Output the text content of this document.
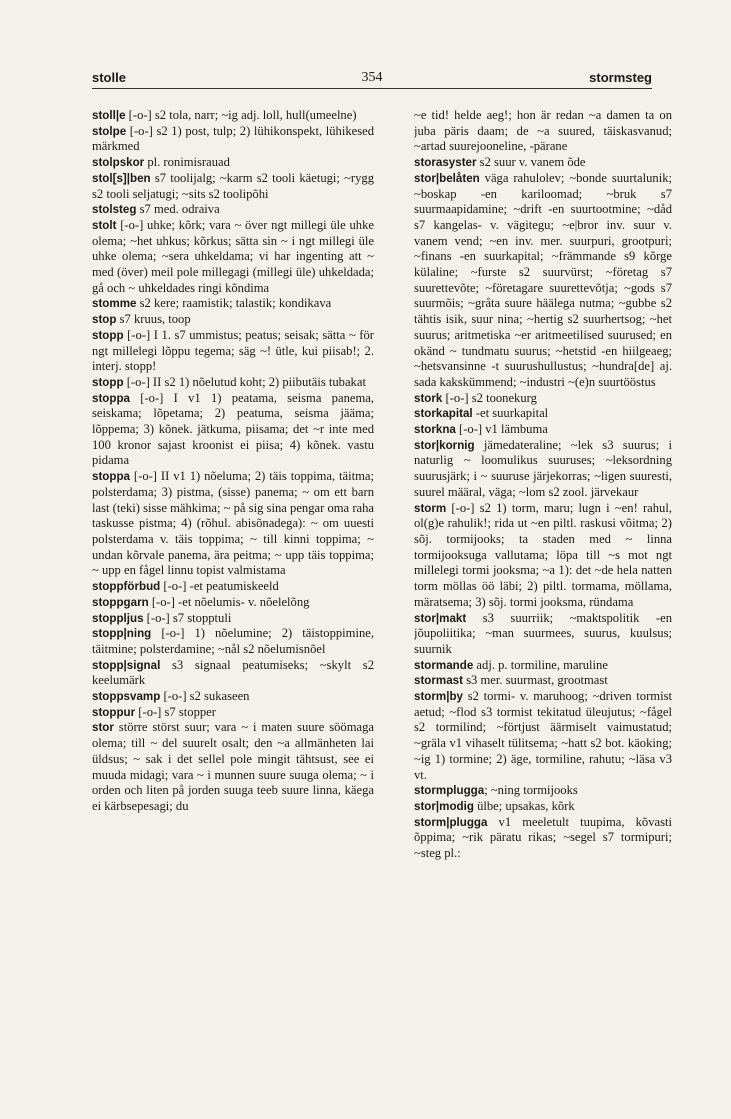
stolle	354	stormsteg
stoll|e [-o-] s2 tola, narr; ~ig adj. loll, hull(umeelne)
stolpe [-o-] s2 1) post, tulp; 2) lühikonspekt, lühikesed märkmed
stolpskor pl. ronimisrauad
stol[s]|ben s7 toolijalg; ~karm s2 tooli käetugi; ~rygg s2 tooli seljatugi; ~sits s2 toolipõhi
stolsteg s7 med. odraiva
stolt [-o-] uhke; kõrk; vara ~ över ngt millegi üle uhke olema; ~het uhkus; kõrkus; sätta sin ~ i ngt millegi üle uhke olema; ~sera uhkeldama; vi har ingenting att ~ med (över) meil pole millegagi (millegi üle) uhkeldada; gå och ~ uhkeldades ringi kõndima
stomme s2 kere; raamistik; talastik; kondikava
stop s7 kruus, toop
stopp [-o-] I 1. s7 ummistus; peatus; seisak; sätta ~ för ngt millelegi lõppu tegema; säg ~! ütle, kui piisab!; 2. interj. stopp!
stopp [-o-] II s2 1) nõelutud koht; 2) piibutäis tubakat
stoppa [-o-] I v1 1) peatama, seisma panema, seiskama; lõpetama; 2) peatuma, seisma jääma; lõppema; 3) kõnek. jätkuma, piisama; det ~r inte med 100 kronor sajast kroonist ei piisa; 4) kõnek. vastu pidama
stoppa [-o-] II v1 1) nõeluma; 2) täis toppima, täitma; polsterdama; 3) pistma, (sisse) panema; ~ om ett barn last (teki) sisse mähkima; ~ på sig sina pengar oma raha taskusse pistma; 4) (rõhul. abisõnadega): ~ om uuesti polsterdama v. täis toppima; ~ till kinni toppima; ~ undan kõrvale panema, ära peitma; ~ upp täis toppima; ~ upp en fågel linnu topist valmistama
stoppförbud [-o-] -et peatumiskeeld
stoppgarn [-o-] -et nõelumis- v. nõelelõng
stoppljus [-o-] s7 stopptuli
stopp|ning [-o-] 1) nõelumine; 2) täistoppimine, täitmine; polsterdamine; ~nål s2 nõelumisnõel
stopp|signal s3 signaal peatumiseks; ~skylt s2 keelumärk
stoppsvamp [-o-] s2 sukaseen
stoppur [-o-] s7 stopper
stor större störst suur; vara ~ i maten suure söömaga olema; till ~ del suurelt osalt; den ~a allmänheten lai üldsus; ~ sak i det sellel pole mingit tähtsust, see ei muuda midagi; vara ~ i munnen suure suuga olema; ~ i orden och liten på jorden suuga teeb suure linna, käega ei kärbsepesagi; du
~e tid! helde aeg!; hon är redan ~a damen ta on juba päris daam; de ~a suured, täiskasvanud; ~artad suurejooneline, -pärane
storasyster s2 suur v. vanem õde
stor|belåten väga rahulolev; ~bonde suurtalunik; ~boskap -en kariloomad; ~bruk s7 suurmaapidamine; ~drift -en suurtootmine; ~dåd s7 kangelas- v. vägitegu; ~e|bror inv. suur v. vanem vend; ~en inv. mer. suurpuri, grootpuri; ~finans -en suurkapital; ~främmande s9 kõrge külaline; ~furste s2 suurvürst; ~företag s7 suurettevõte; ~företagare suurettevõtja; ~gods s7 suurmõis; ~gråta suure häälega nutma; ~gubbe s2 tähtis isik, suur nina; ~hertig s2 suurhertsog; ~het suurus; aritmetiska ~er aritmeetilised suurused; en okänd ~ tundmatu suurus; ~hetstid -en hiilgeaeg; ~hetsvansinne -t suurushullustus; ~hundra[de] aj. sada kakskümmend; ~industri ~(e)n suurtööstus
stork [-o-] s2 toonekurg
storkapital -et suurkapital
storkna [-o-] v1 lämbuma
stor|kornig jämedateraline; ~lek s3 suurus; i naturlig ~ loomulikus suuruses; ~leksordning suurusjärk; i ~ suuruse järjekorras; ~ligen suuresti, suurel määral, väga; ~lom s2 zool. järvekaur
storm [-o-] s2 1) torm, maru; lugn i ~en! rahul, ol(g)e rahulik!; rida ut ~en piltl. raskusi võitma; 2) sõj. tormijooks; ta staden med ~ linna tormijooksuga vallutama; löpa till ~s mot ngt millelegi tormi jooksma; ~a 1): det ~de hela natten torm möllas öö läbi; 2) piltl. tormama, möllama, märatsema; 3) sõj. tormi jooksma, ründama
stor|makt s3 suurriik; ~maktspolitik -en jõupoliitika; ~man suurmees, suurus, kuulsus; suurnik
stormande adj. p. tormiline, maruline
stormast s3 mer. suurmast, grootmast
storm|by s2 tormi- v. maruhoog; ~driven tormist aetud; ~flod s3 tormist tekitatud üleujutus; ~fågel s2 tormilind; ~förtjust äärmiselt vaimustatud; ~gräla v1 vihaselt tülitsema; ~hatt s2 bot. käoking; ~ig 1) tormine; 2) äge, tormiline, rahutu; ~läsa v3 vt.
stormplugga; ~ning tormijooks
stor|modig ülbe; upsakas, kõrk
storm|plugga v1 meeletult tuupima, kõvasti õppima; ~rik päratu rikas; ~segel s7 tormipuri; ~steg pl.:
